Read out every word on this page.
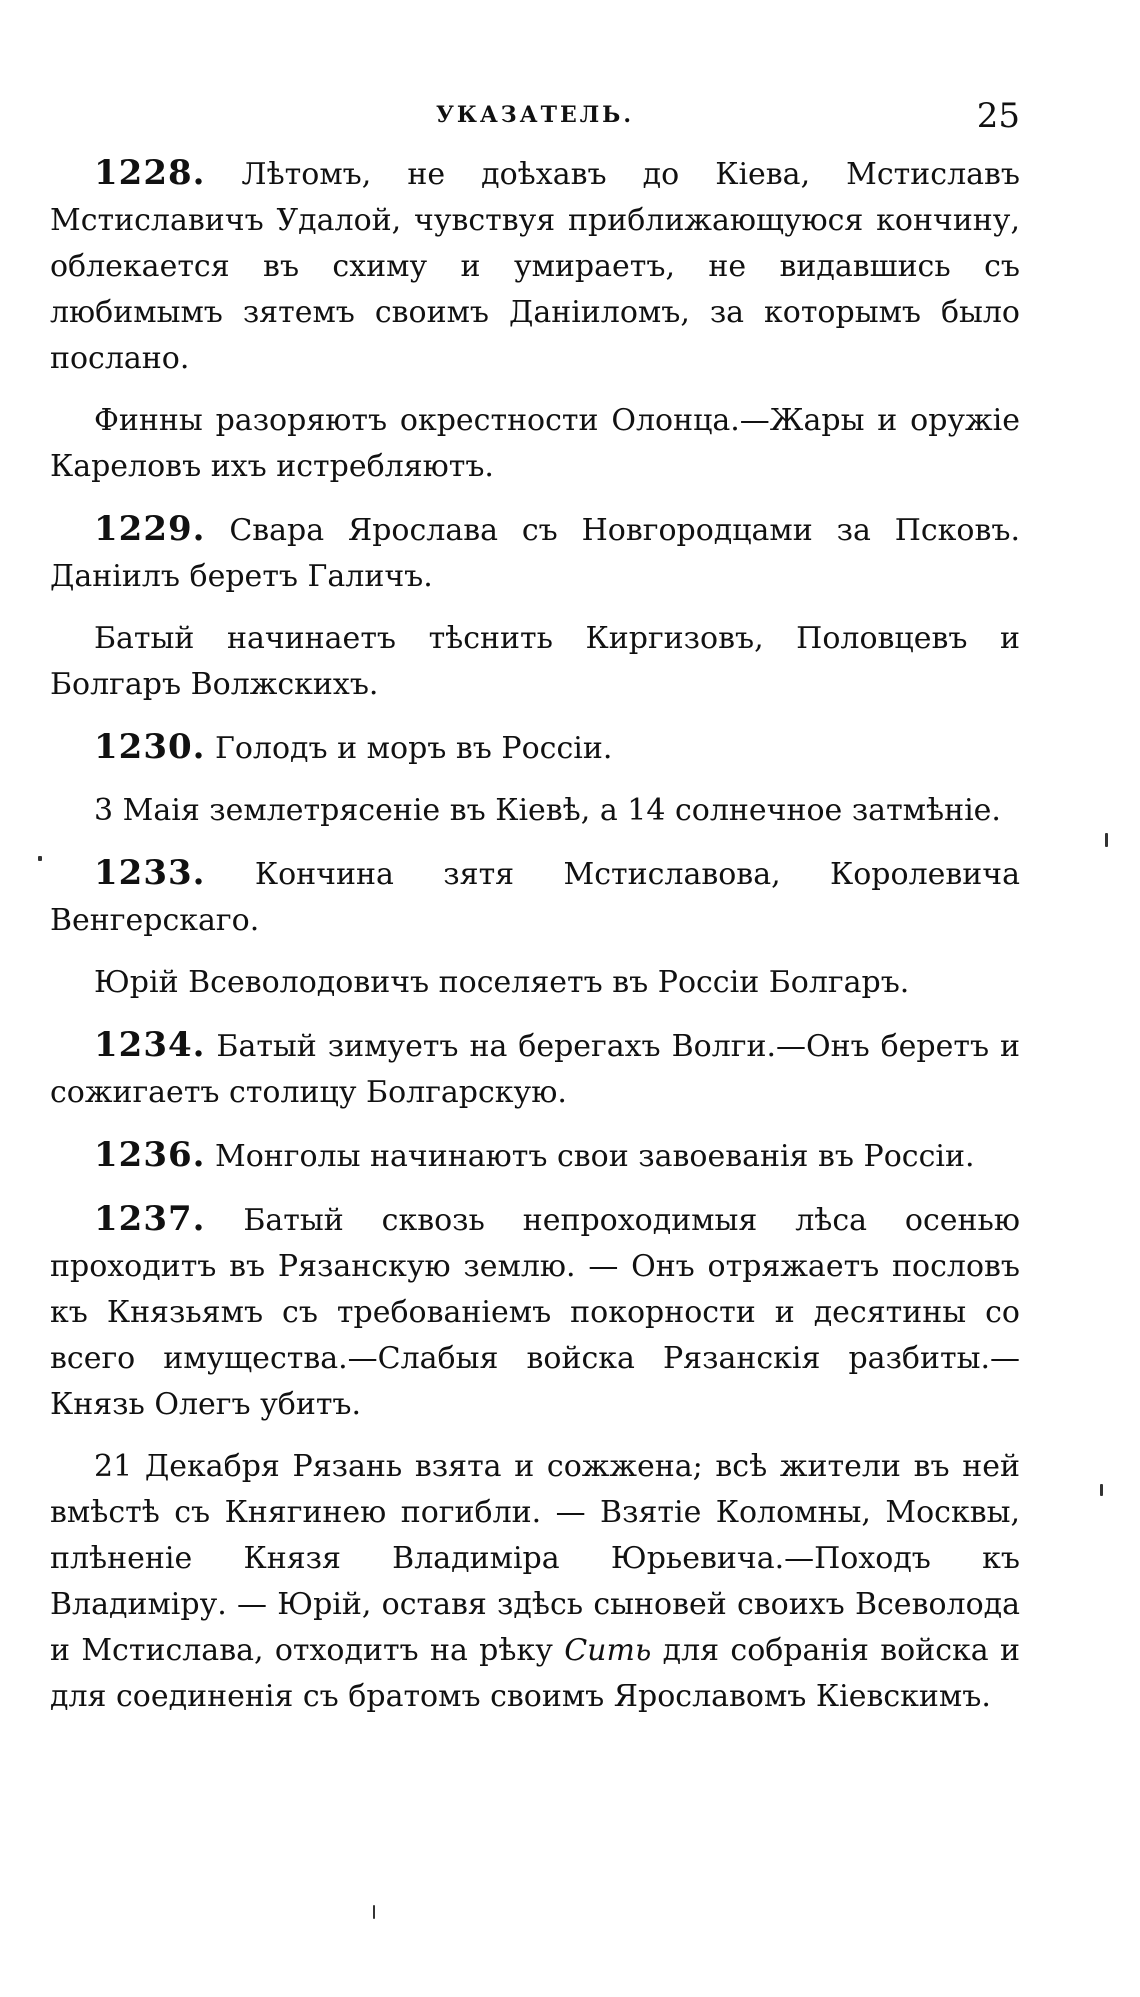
УКАЗАТЕЛЬ.	25

1228. Лѣтомъ, не доѣхавъ до Кіева, Мстиславъ Мстиславичъ Удалой, чувствуя приближающуюся кончину, облекается въ схиму и умираетъ, не видавшись съ любимымъ зятемъ своимъ Даніиломъ, за которымъ было послано.

Финны разоряютъ окрестности Олонца.—Жары и оружіе Кареловъ ихъ истребляютъ.

1229. Свара Ярослава съ Новгородцами за Псковъ. Даніилъ беретъ Галичъ.

Батый начинаетъ тѣснить Киргизовъ, Половцевъ и Болгаръ Волжскихъ.

1230. Голодъ и моръ въ Россіи.

3 Маія землетрясеніе въ Кіевѣ, а 14 солнечное затмѣніе.

1233. Кончина зятя Мстиславова, Королевича Венгерскаго.

Юрій Всеволодовичъ поселяетъ въ Россіи Болгаръ.

1234. Батый зимуетъ на берегахъ Волги.—Онъ беретъ и сожигаетъ столицу Болгарскую.

1236. Монголы начинаютъ свои завоеванія въ Россіи.

1237. Батый сквозь непроходимыя лѣса осенью проходитъ въ Рязанскую землю. — Онъ отряжаетъ пословъ къ Князьямъ съ требованіемъ покорности и десятины со всего имущества.—Слабыя войска Рязанскія разбиты.—Князь Олегъ убитъ.

21 Декабря Рязань взята и сожжена; всѣ жители въ ней вмѣстѣ съ Княгинею погибли. — Взятіе Коломны, Москвы, плѣненіе Князя Владиміра Юрьевича.—Походъ къ Владиміру. — Юрій, оставя здѣсь сыновей своихъ Всеволода и Мстислава, отходитъ на рѣку Сить для собранія войска и для соединенія съ братомъ своимъ Ярославомъ Кіевскимъ.
